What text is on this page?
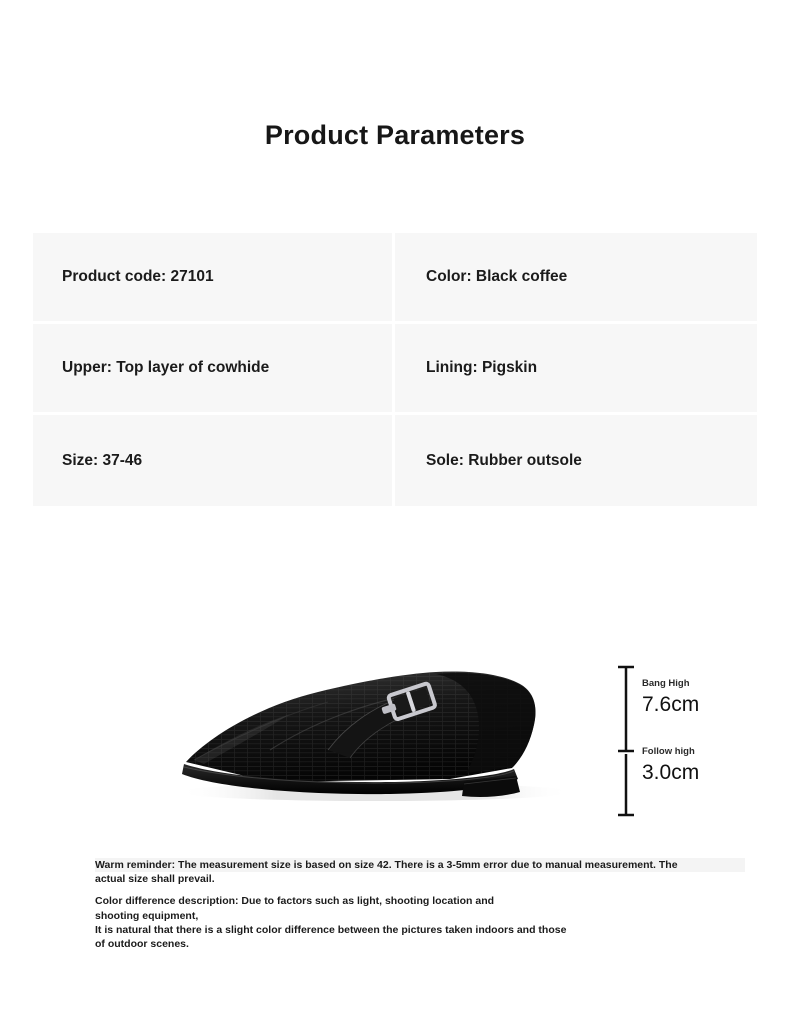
Product Parameters
Product code: 27101	Color: Black coffee
Upper: Top layer of cowhide	Lining: Pigskin
Size: 37-46	Sole: Rubber outsole
Bang High
7.6cm
Follow high
3.0cm
Warm reminder: The measurement size is based on size 42. There is a 3-5mm error due to manual measurement. The
actual size shall prevail.
Color difference description: Due to factors such as light, shooting location and
shooting equipment,
It is natural that there is a slight color difference between the pictures taken indoors and those
of outdoor scenes.
